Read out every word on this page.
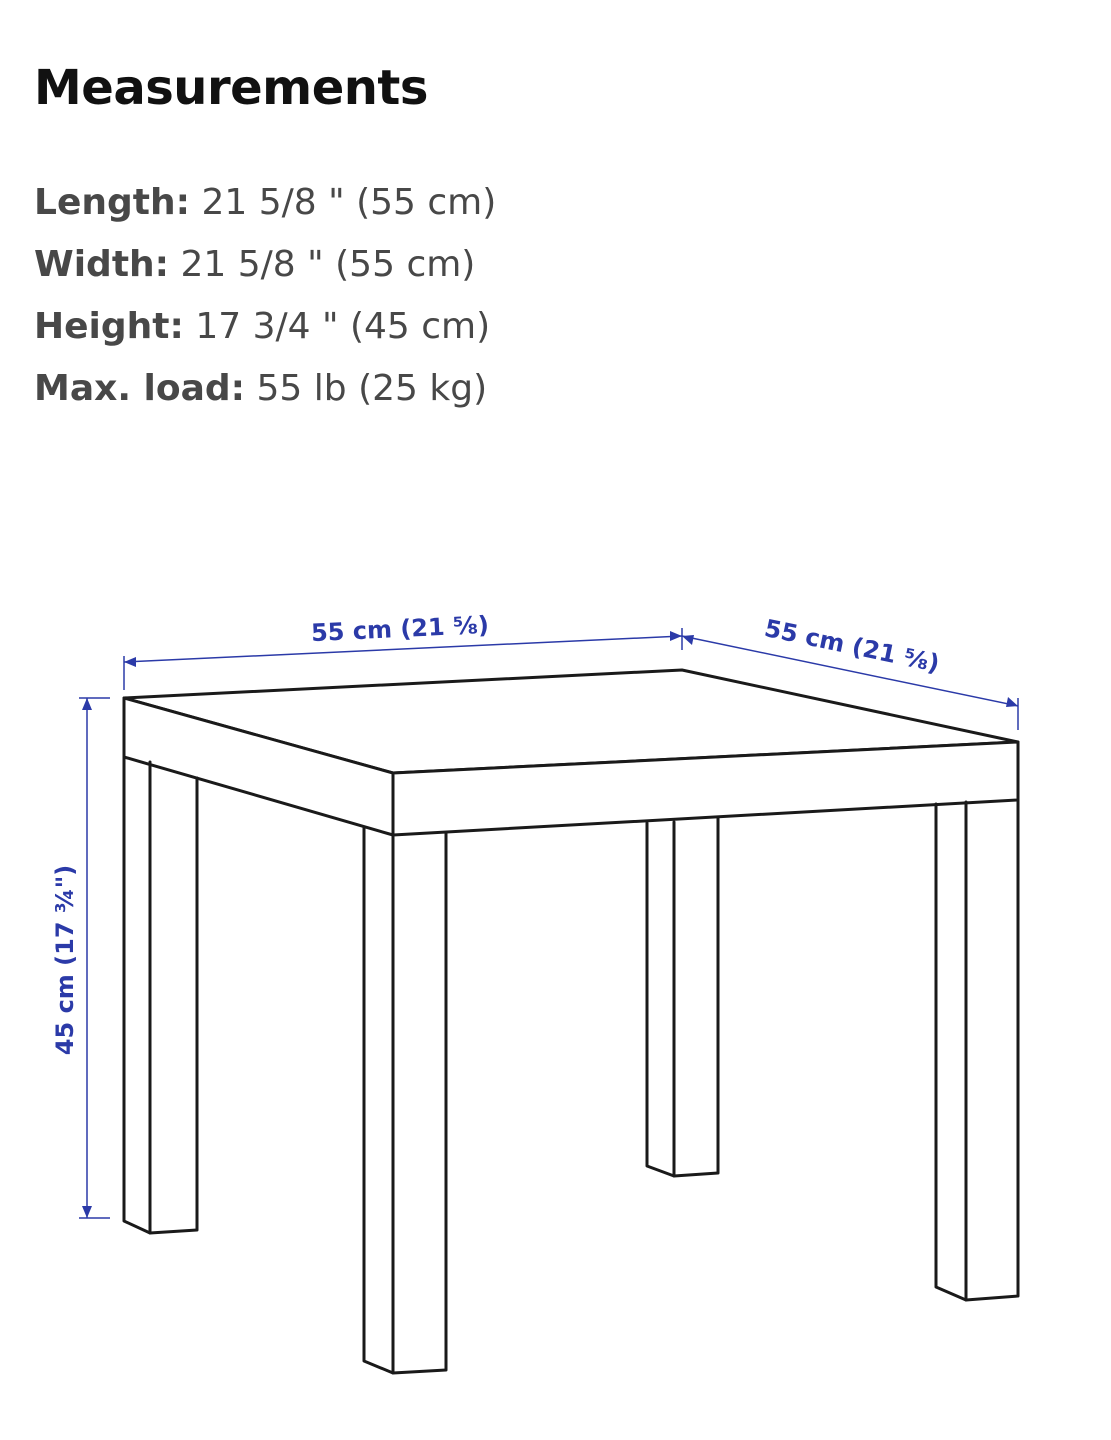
Measurements
Length: 21 5/8 " (55 cm)
Width: 21 5/8 " (55 cm)
Height: 17 3/4 " (45 cm)
Max. load: 55 lb (25 kg)
55 cm (21 ⅝)	55 cm (21 ⅝)
45 cm (17 ¾")
